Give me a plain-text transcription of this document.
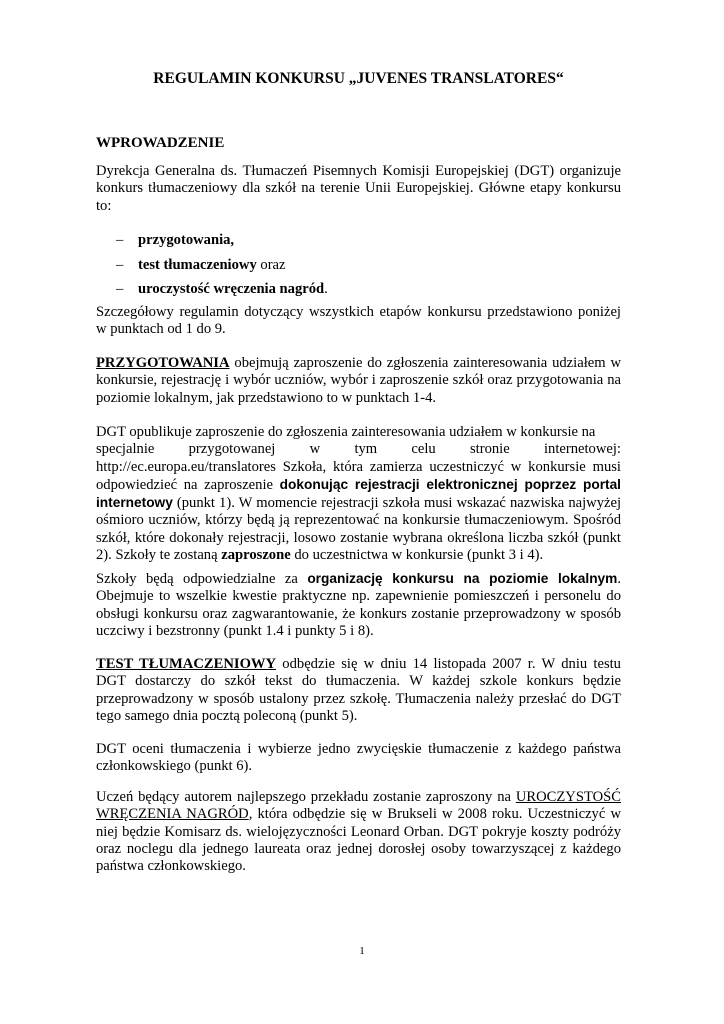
REGULAMIN KONKURSU „JUVENES TRANSLATORES“
WPROWADZENIE
Dyrekcja Generalna ds. Tłumaczeń Pisemnych Komisji Europejskiej (DGT) organizuje konkurs tłumaczeniowy dla szkół na terenie Unii Europejskiej. Główne etapy konkursu to:
–	przygotowania,
–	test tłumaczeniowy oraz
–	uroczystość wręczenia nagród.
Szczegółowy regulamin dotyczący wszystkich etapów konkursu przedstawiono poniżej w punktach od 1 do 9.
PRZYGOTOWANIA obejmują zaproszenie do zgłoszenia zainteresowania udziałem w konkursie, rejestrację i wybór uczniów, wybór i zaproszenie szkół oraz przygotowania na poziomie lokalnym, jak przedstawiono to w punktach 1-4.
DGT opublikuje zaproszenie do zgłoszenia zainteresowania udziałem w konkursie na
specjalnie przygotowanej w tym celu stronie internetowej:
http://ec.europa.eu/translatores Szkoła, która zamierza uczestniczyć w konkursie musi odpowiedzieć na zaproszenie dokonując rejestracji elektronicznej poprzez portal internetowy (punkt 1). W momencie rejestracji szkoła musi wskazać nazwiska najwyżej ośmioro uczniów, którzy będą ją reprezentować na konkursie tłumaczeniowym. Spośród szkół, które dokonały rejestracji, losowo zostanie wybrana określona liczba szkół (punkt 2). Szkoły te zostaną zaproszone do uczestnictwa w konkursie (punkt 3 i 4).
Szkoły będą odpowiedzialne za organizację konkursu na poziomie lokalnym. Obejmuje to wszelkie kwestie praktyczne np. zapewnienie pomieszczeń i personelu do obsługi konkursu oraz zagwarantowanie, że konkurs zostanie przeprowadzony w sposób uczciwy i bezstronny (punkt 1.4 i punkty 5 i 8).
TEST TŁUMACZENIOWY odbędzie się w dniu 14 listopada 2007 r. W dniu testu DGT dostarczy do szkół tekst do tłumaczenia. W każdej szkole konkurs będzie przeprowadzony w sposób ustalony przez szkołę. Tłumaczenia należy przesłać do DGT tego samego dnia pocztą poleconą (punkt 5).
DGT oceni tłumaczenia i wybierze jedno zwycięskie tłumaczenie z każdego państwa członkowskiego (punkt 6).
Uczeń będący autorem najlepszego przekładu zostanie zaproszony na UROCZYSTOŚĆ WRĘCZENIA NAGRÓD, która odbędzie się w Brukseli w 2008 roku. Uczestniczyć w niej będzie Komisarz ds. wielojęzyczności Leonard Orban. DGT pokryje koszty podróży oraz noclegu dla jednego laureata oraz jednej dorosłej osoby towarzyszącej z każdego państwa członkowskiego.
1
